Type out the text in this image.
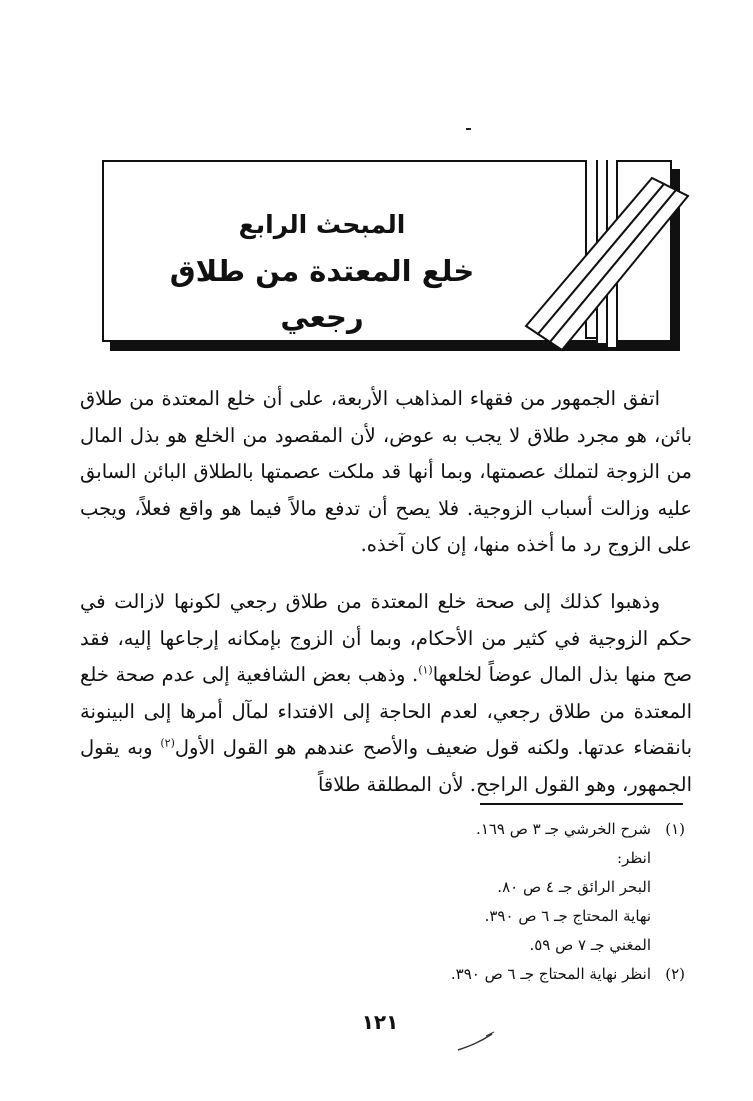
المبحث الرابع
خلع المعتدة من طلاق رجعي
اتفق الجمهور من فقهاء المذاهب الأربعة، على أن خلع المعتدة من طلاق بائن، هو مجرد طلاق لا يجب به عوض، لأن المقصود من الخلع هو بذل المال من الزوجة لتملك عصمتها، وبما أنها قد ملكت عصمتها بالطلاق البائن السابق عليه وزالت أسباب الزوجية. فلا يصح أن تدفع مالاً فيما هو واقع فعلاً، ويجب على الزوج رد ما أخذه منها، إن كان آخذه.
وذهبوا كذلك إلى صحة خلع المعتدة من طلاق رجعي لكونها لازالت في حكم الزوجية في كثير من الأحكام، وبما أن الزوج بإمكانه إرجاعها إليه، فقد صح منها بذل المال عوضاً لخلعها$^{(١)}$. وذهب بعض الشافعية إلى عدم صحة خلع المعتدة من طلاق رجعي، لعدم الحاجة إلى الافتداء لمآل أمرها إلى البينونة بانقضاء عدتها. ولكنه قول ضعيف والأصح عندهم هو القول الأول$^{(٢)}$ وبه يقول الجمهور، وهو القول الراجح. لأن المطلقة طلاقاً
(١)شرح الخرشي جـ ٣ ص ١٦٩.
انظر:
البحر الرائق جـ ٤ ص ٨٠.
نهاية المحتاج جـ ٦ ص ٣٩٠.
المغني جـ ٧ ص ٥٩.
(٢)انظر نهاية المحتاج جـ ٦ ص ٣٩٠.
١٢١
